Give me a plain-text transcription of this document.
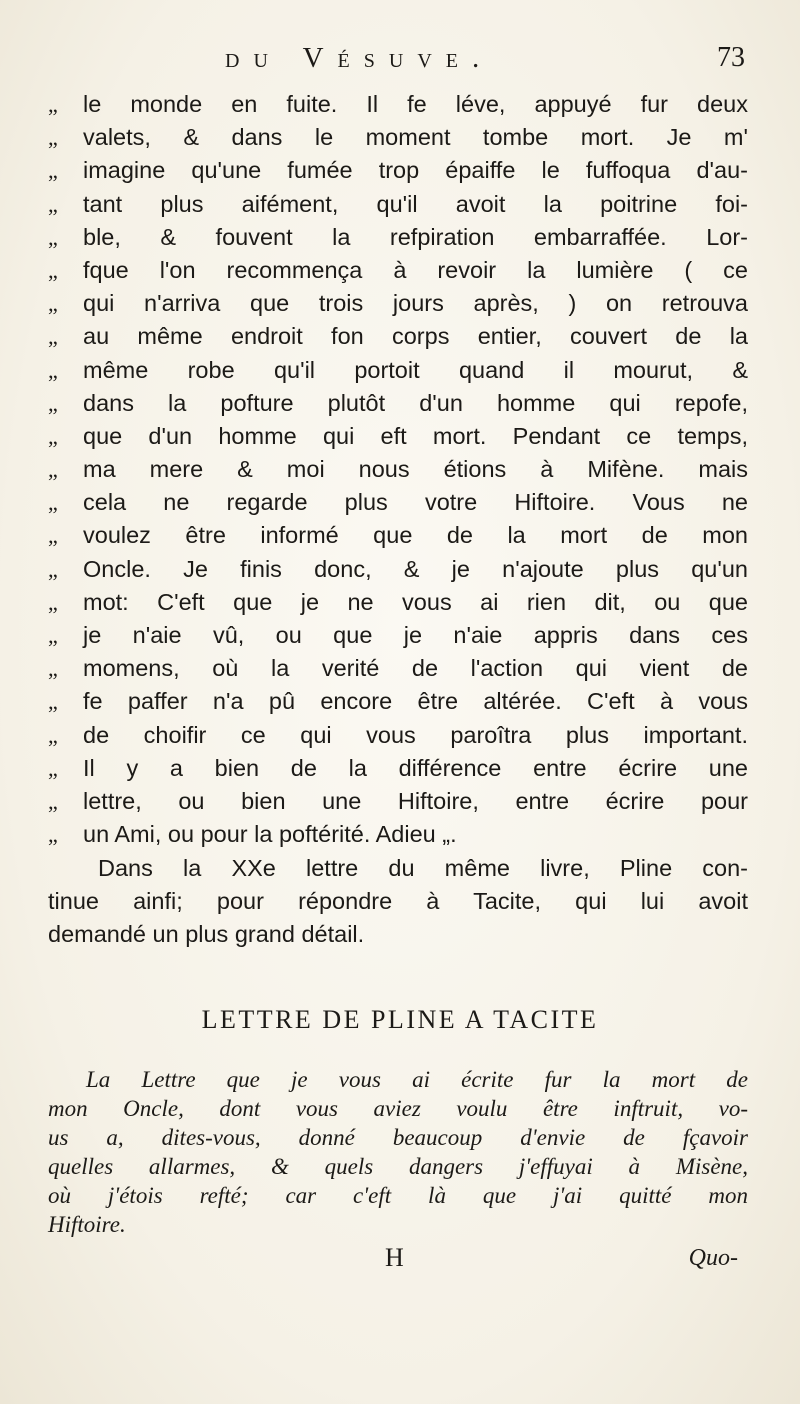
du Vésuve.	73
„	le monde en fuite. Il fe léve, appuyé fur deux
„	valets, & dans le moment tombe mort. Je m'
„	imagine qu'une fumée trop épaiffe le fuffoqua d'au-
„	tant plus aifément, qu'il avoit la poitrine foi-
„	ble, & fouvent la refpiration embarraffée. Lor-
„	fque l'on recommença à revoir la lumière ( ce
„	qui n'arriva que trois jours après, ) on retrouva
„	au même endroit fon corps entier, couvert de la
„	même robe qu'il portoit quand il mourut, &
„	dans la pofture plutôt d'un homme qui repofe,
„	que d'un homme qui eft mort. Pendant ce temps,
„	ma mere & moi nous étions à Mifène. mais
„	cela ne regarde plus votre Hiftoire. Vous ne
„	voulez être informé que de la mort de mon
„	Oncle. Je finis donc, & je n'ajoute plus qu'un
„	mot: C'eft que je ne vous ai rien dit, ou que
„	je n'aie vû, ou que je n'aie appris dans ces
„	momens, où la verité de l'action qui vient de
„	fe paffer n'a pû encore être altérée. C'eft à vous
„	de choifir ce qui vous paroîtra plus important.
„	Il y a bien de la différence entre écrire une
„	lettre, ou bien une Hiftoire, entre écrire pour
„	un Ami, ou pour la poftérité. Adieu „.
Dans la XXe lettre du même livre, Pline con-
tinue ainfi; pour répondre à Tacite, qui lui avoit
demandé un plus grand détail.
LETTRE DE PLINE A TACITE
La Lettre que je vous ai écrite fur la mort de
mon Oncle, dont vous aviez voulu être inftruit, vo-
us a, dites-vous, donné beaucoup d'envie de fçavoir
quelles allarmes, & quels dangers j'effuyai à Misène,
où j'étois refté; car c'eft là que j'ai quitté mon
Hiftoire.
H	Quo-
